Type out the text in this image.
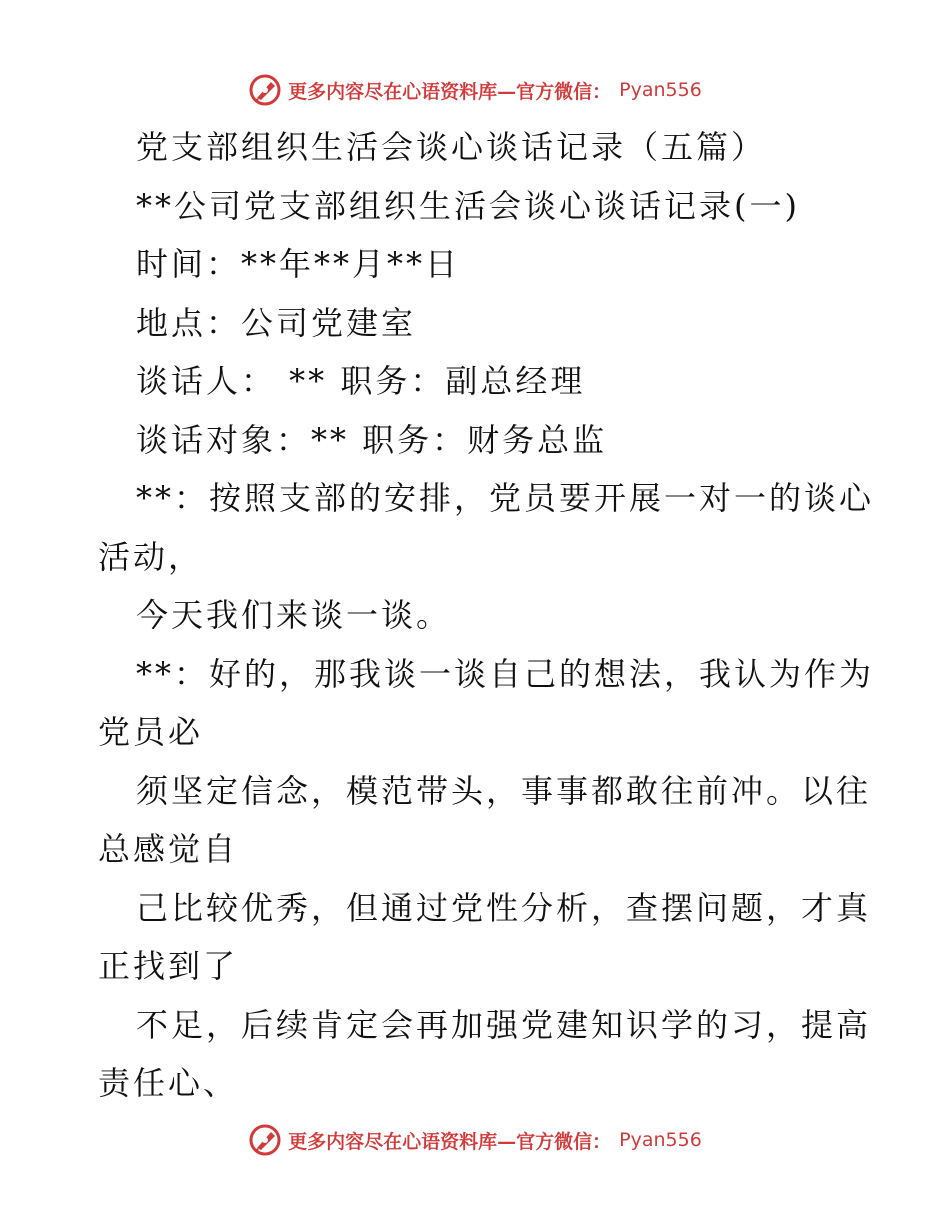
更多内容尽在心语资料库—官方微信： Pyan556
党支部组织生活会谈心谈话记录（五篇）
**公司党支部组织生活会谈心谈话记录(一)
时间：**年**月**日
地点：公司党建室
谈话人： ** 职务：副总经理
谈话对象：** 职务：财务总监
**：按照支部的安排，党员要开展一对一的谈心
活动，
今天我们来谈一谈。
**：好的，那我谈一谈自己的想法，我认为作为
党员必
须坚定信念，模范带头，事事都敢往前冲。以往
总感觉自
己比较优秀，但通过党性分析，查摆问题，才真
正找到了
不足，后续肯定会再加强党建知识学的习，提高
责任心、
更多内容尽在心语资料库—官方微信： Pyan556
